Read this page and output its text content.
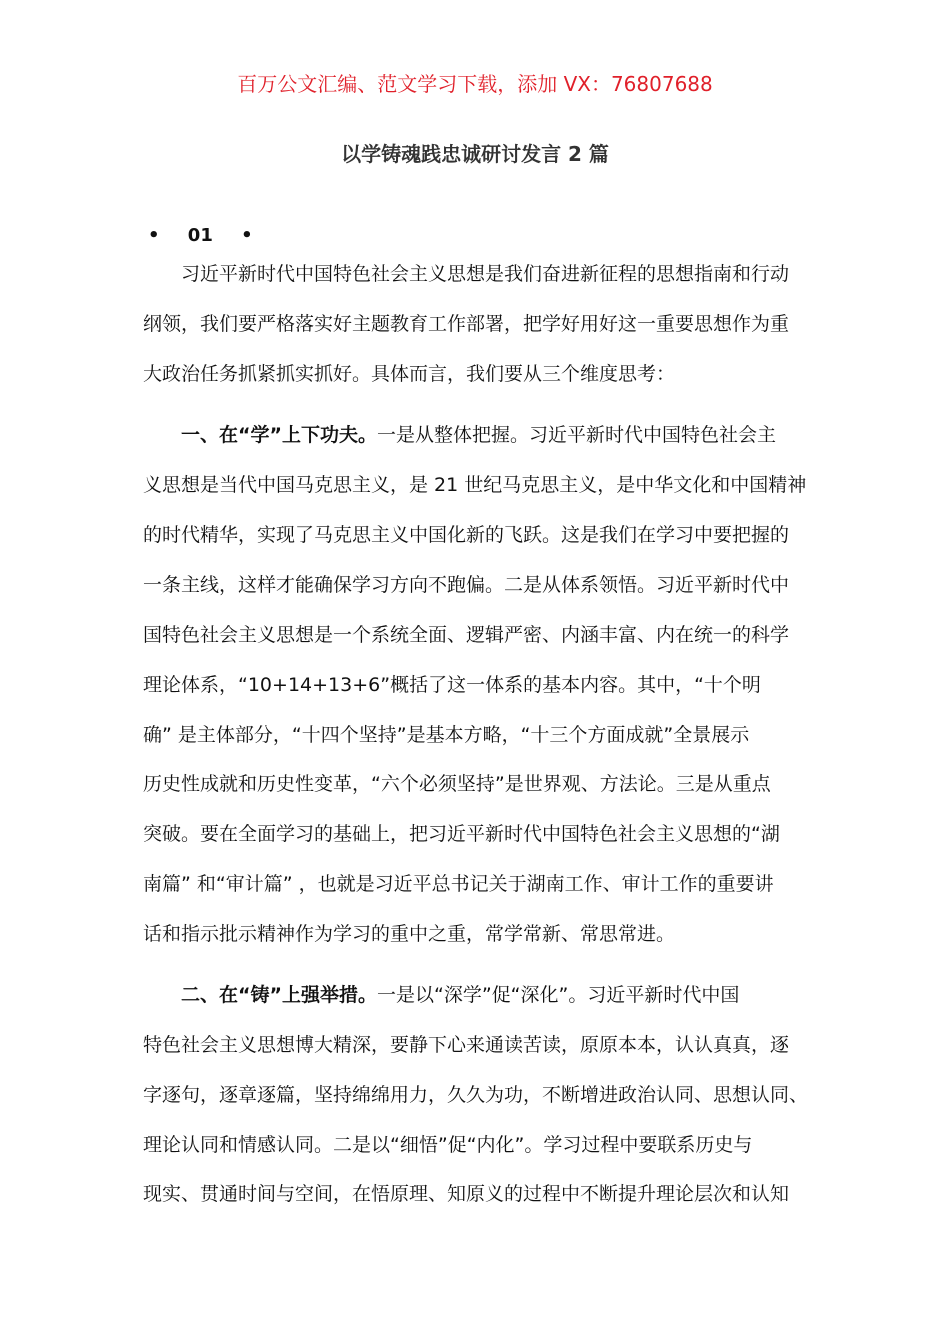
百万公文汇编、范文学习下载，添加 VX：76807688
以学铸魂践忠诚研讨发言 2 篇
• 01 •
习近平新时代中国特色社会主义思想是我们奋进新征程的思想指南和行动
纲领，我们要严格落实好主题教育工作部署，把学好用好这一重要思想作为重
大政治任务抓紧抓实抓好。具体而言，我们要从三个维度思考：
一、在“学”上下功夫。一是从整体把握。习近平新时代中国特色社会主
义思想是当代中国马克思主义，是 21 世纪马克思主义，是中华文化和中国精神
的时代精华，实现了马克思主义中国化新的飞跃。这是我们在学习中要把握的
一条主线，这样才能确保学习方向不跑偏。二是从体系领悟。习近平新时代中
国特色社会主义思想是一个系统全面、逻辑严密、内涵丰富、内在统一的科学
理论体系，“10+14+13+6”概括了这一体系的基本内容。其中，“十个明
确” 是主体部分，“十四个坚持”是基本方略，“十三个方面成就”全景展示
历史性成就和历史性变革，“六个必须坚持”是世界观、方法论。三是从重点
突破。要在全面学习的基础上，把习近平新时代中国特色社会主义思想的“湖
南篇” 和“审计篇” ，也就是习近平总书记关于湖南工作、审计工作的重要讲
话和指示批示精神作为学习的重中之重，常学常新、常思常进。
二、在“铸”上强举措。一是以“深学”促“深化”。习近平新时代中国
特色社会主义思想博大精深，要静下心来通读苦读，原原本本，认认真真，逐
字逐句，逐章逐篇，坚持绵绵用力，久久为功，不断增进政治认同、思想认同、
理论认同和情感认同。二是以“细悟”促“内化”。学习过程中要联系历史与
现实、贯通时间与空间，在悟原理、知原义的过程中不断提升理论层次和认知
